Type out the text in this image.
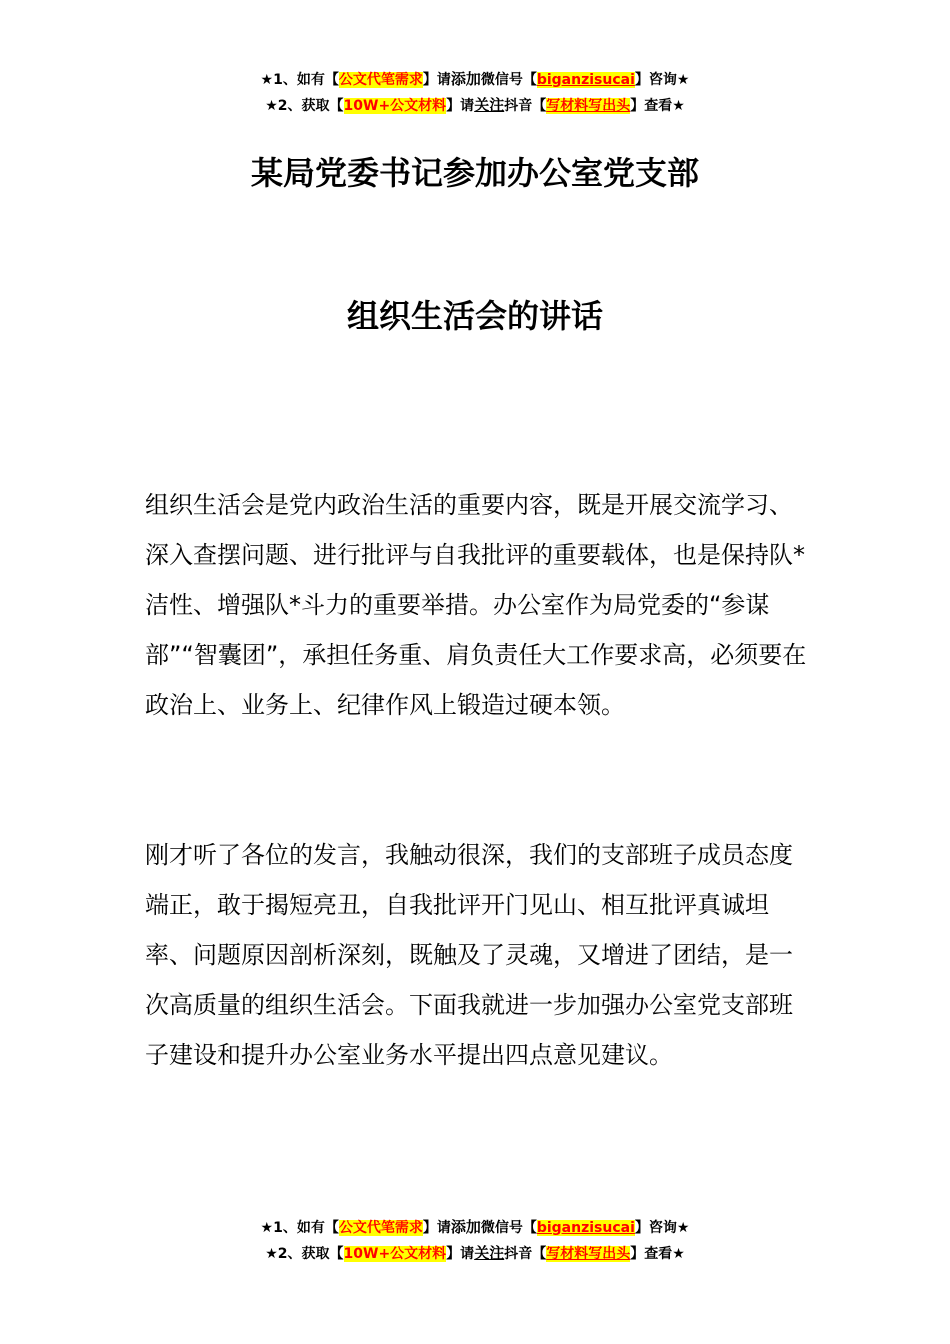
★1、如有【公文代笔需求】请添加微信号【biganzisucai】咨询★
★2、获取【10W+公文材料】请关注抖音【写材料写出头】查看★
某局党委书记参加办公室党支部
组织生活会的讲话

组织生活会是党内政治生活的重要内容，既是开展交流学习、深入查摆问题、进行批评与自我批评的重要载体，也是保持队*洁性、增强队*斗力的重要举措。办公室作为局党委的“参谋部”“智囊团”，承担任务重、肩负责任大工作要求高，必须要在政治上、业务上、纪律作风上锻造过硬本领。

刚才听了各位的发言，我触动很深，我们的支部班子成员态度端正，敢于揭短亮丑，自我批评开门见山、相互批评真诚坦率、问题原因剖析深刻，既触及了灵魂，又增进了团结，是一次高质量的组织生活会。下面我就进一步加强办公室党支部班子建设和提升办公室业务水平提出四点意见建议。

★1、如有【公文代笔需求】请添加微信号【biganzisucai】咨询★
★2、获取【10W+公文材料】请关注抖音【写材料写出头】查看★
